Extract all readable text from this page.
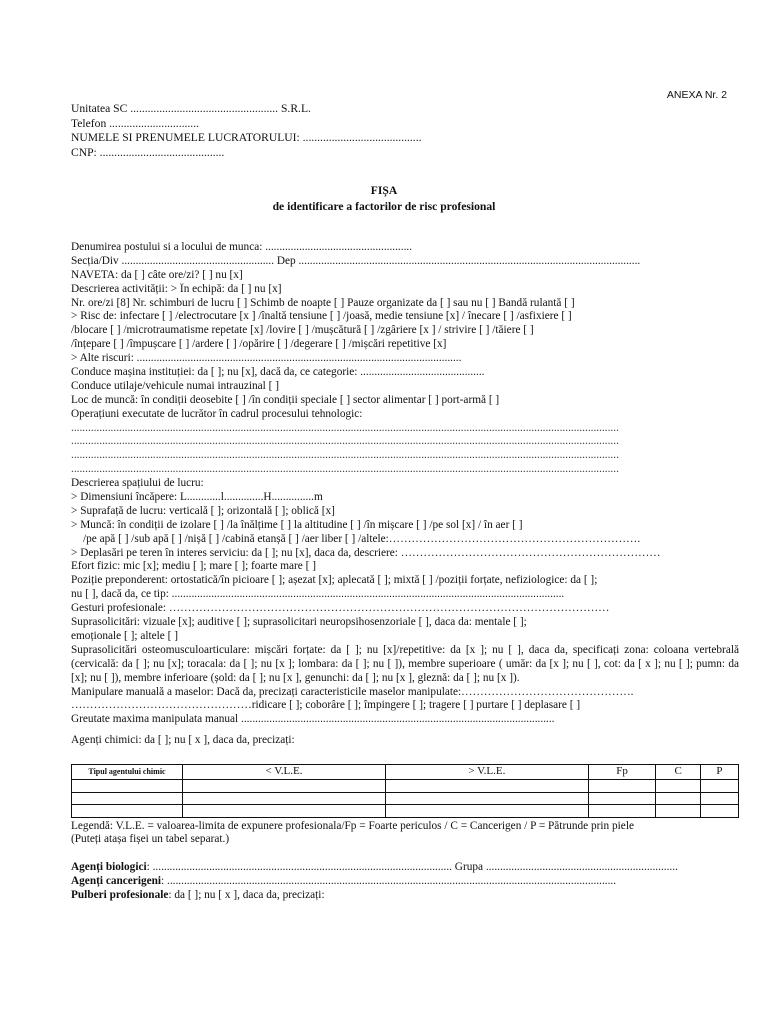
ANEXA Nr. 2
Unitatea SC ................................................... S.R.L.
Telefon ...............................
NUMELE SI PRENUMELE LUCRATORULUI: .........................................
CNP: ...........................................
FIȘA
de identificare a factorilor de risc profesional
Denumirea postului si a locului de munca: ....................................................
Secția/Div ...................................................... Dep .........................................................................................................................
NAVETA: da [ ] câte ore/zi? [ ] nu [x]
Descrierea activității: > În echipă: da [ ] nu [x]
Nr. ore/zi [8] Nr. schimburi de lucru [ ] Schimb de noapte [ ] Pauze organizate da [ ] sau nu [ ] Bandă rulantă [ ]
> Risc de: infectare [ ] /electrocutare [x ] /înaltă tensiune [ ] /joasă, medie tensiune [x] / înecare [ ] /asfixiere [ ]
/blocare [ ] /microtraumatisme repetate [x] /lovire [ ] /mușcătură [ ] /zgâriere [x ] / strivire [ ] /tăiere [ ]
/înțepare [ ] /împușcare [ ] /ardere [ ] /opărire [ ] /degerare [ ] /mișcări repetitive [x]
> Alte riscuri: ...................................................................................................................
Conduce mașina instituției: da [ ]; nu [x], dacă da, ce categorie: ............................................
Conduce utilaje/vehicule numai intrauzinal [ ]
Loc de muncă: în condiții deosebite [ ] /în condiții speciale [ ] sector alimentar [ ] port-armă [ ]
Operațiuni executate de lucrător în cadrul procesului tehnologic:
..................................................................................................................................................................................................
..................................................................................................................................................................................................
..................................................................................................................................................................................................
..................................................................................................................................................................................................
Descrierea spațiului de lucru:
> Dimensiuni încăpere: L............l..............H...............m
> Suprafață de lucru: verticală [ ]; orizontală [ ]; oblică [x]
> Muncă: în condiții de izolare [ ] /la înălțime [ ] la altitudine [ ] /în mișcare [ ] /pe sol [x] / în aer [ ]
/pe apă [ ] /sub apă [ ] /nișă [ ] /cabină etanșă [ ] /aer liber [ ] /altele:………………………………………………………….
> Deplasări pe teren în interes serviciu: da [ ]; nu [x], daca da, descriere: ……………………………………………………………
Efort fizic: mic [x]; mediu [ ]; mare [ ]; foarte mare [ ]
Poziție preponderent: ortostatică/în picioare [ ]; așezat [x]; aplecată [ ]; mixtă [ ] /poziții forțate, nefiziologice: da [ ];
nu [ ], dacă da, ce tip: ...........................................................................................................................................
Gesturi profesionale: ………………………………………………………………………………………………………
Suprasolicitări: vizuale [x]; auditive [ ]; suprasolicitari neuropsihosenzoriale [ ], daca da: mentale [ ];
emoționale [ ]; altele [ ]
Suprasolicitări osteomusculoarticulare: mișcări forțate: da [ ]; nu [x]/repetitive: da [x ]; nu [ ], daca da, specificați zona: coloana vertebrală (cervicală: da [ ]; nu [x]; toracala: da [ ]; nu [x ]; lombara: da [ ]; nu [ ]), membre superioare ( umăr: da [x ]; nu [ ], cot: da [ x ]; nu [ ]; pumn: da [x]; nu [ ]), membre inferioare (șold: da [ ]; nu [x ], genunchi: da [ ]; nu [x ], gleznă: da [ ]; nu [x ]).
Manipulare manuală a maselor: Dacă da, precizați caracteristicile maselor manipulate:……………………………………….
…………………………………………ridicare [ ]; coborâre [ ]; împingere [ ]; tragere [ ] purtare [ ] deplasare [ ]
Greutate maxima manipulata manual ...............................................................................................................
Agenți chimici: da [ ]; nu [ x ], daca da, precizați:
Tipul agentului chimic	< V.L.E.	> V.L.E.	Fp	C	P

Legendă: V.L.E. = valoarea-limita de expunere profesionala/Fp = Foarte periculos / C = Cancerigen / P = Pătrunde prin piele
(Puteți atașa fișei un tabel separat.)
Agenți biologici: .......................................................................................................... Grupa ....................................................................
Agenți cancerigeni: ...............................................................................................................................................................
Pulberi profesionale: da [ ]; nu [ x ], daca da, precizați:
